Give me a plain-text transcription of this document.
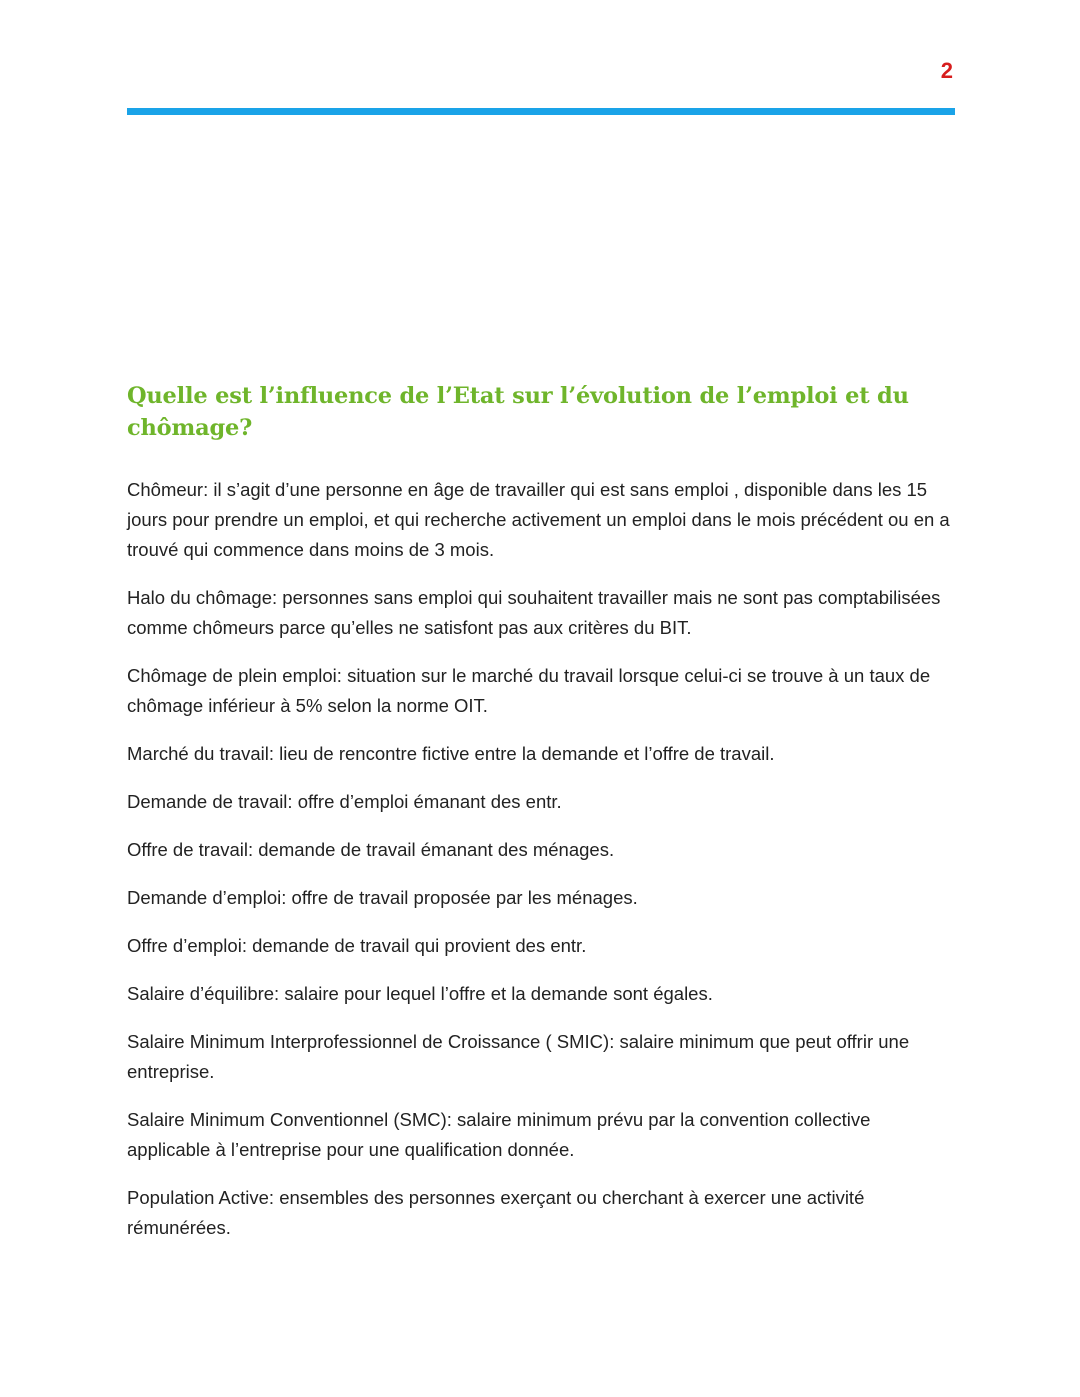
2
Quelle est l’influence de l’Etat sur l’évolution de l’emploi et du chômage?
Chômeur: il s’agit d’une personne en âge de travailler qui est sans emploi , disponible dans les 15 jours pour prendre un emploi, et qui recherche activement un emploi dans le mois précédent ou en a trouvé qui commence dans moins de 3 mois.
Halo du chômage: personnes sans emploi qui souhaitent travailler mais ne sont pas comptabilisées comme chômeurs parce qu’elles ne satisfont pas aux critères du BIT.
Chômage de plein emploi: situation sur le marché du travail lorsque celui-ci se trouve à un taux de chômage inférieur à 5% selon la norme OIT.
Marché du travail: lieu de rencontre fictive entre la demande et l’offre de travail.
Demande de travail: offre d’emploi émanant des entr.
Offre de travail: demande de travail émanant des ménages.
Demande d’emploi: offre de travail proposée par les ménages.
Offre d’emploi: demande de travail qui provient des entr.
Salaire d’équilibre: salaire pour lequel l’offre et la demande sont égales.
Salaire Minimum Interprofessionnel de Croissance ( SMIC): salaire minimum que peut offrir une entreprise.
Salaire Minimum Conventionnel (SMC): salaire minimum prévu par la convention collective applicable à l’entreprise pour une qualification donnée.
Population Active: ensembles des personnes exerçant ou cherchant à exercer une activité rémunérées.
